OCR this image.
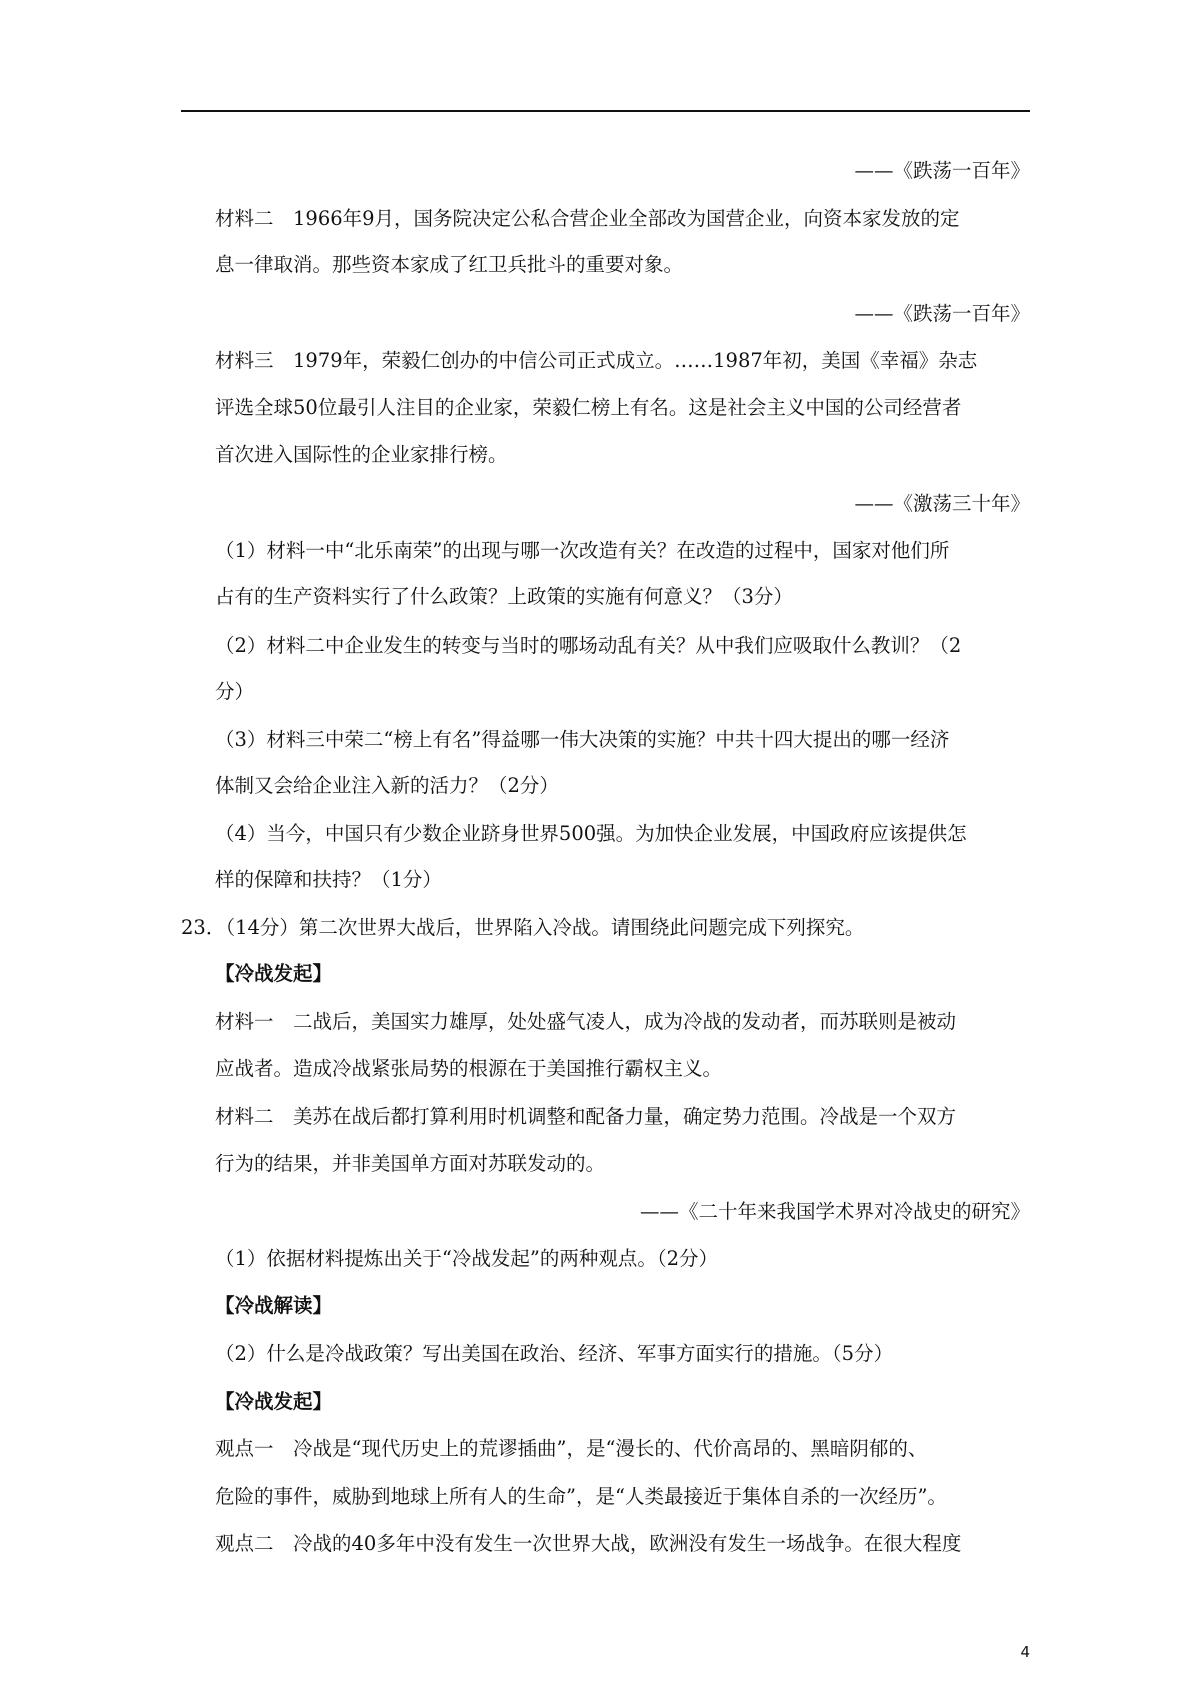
——《跌荡一百年》
材料二　1966年9月，国务院决定公私合营企业全部改为国营企业，向资本家发放的定
息一律取消。那些资本家成了红卫兵批斗的重要对象。
——《跌荡一百年》
材料三　1979年，荣毅仁创办的中信公司正式成立。……1987年初，美国《幸福》杂志
评选全球50位最引人注目的企业家，荣毅仁榜上有名。这是社会主义中国的公司经营者
首次进入国际性的企业家排行榜。
——《激荡三十年》
（1）材料一中“北乐南荣”的出现与哪一次改造有关？在改造的过程中，国家对他们所
占有的生产资料实行了什么政策？上政策的实施有何意义？（3分）
（2）材料二中企业发生的转变与当时的哪场动乱有关？从中我们应吸取什么教训？（2
分）
（3）材料三中荣二“榜上有名”得益哪一伟大决策的实施？中共十四大提出的哪一经济
体制又会给企业注入新的活力？（2分）
（4）当今，中国只有少数企业跻身世界500强。为加快企业发展，中国政府应该提供怎
样的保障和扶持？（1分）
23．（14分）第二次世界大战后，世界陷入冷战。请围绕此问题完成下列探究。
【冷战发起】
材料一　二战后，美国实力雄厚，处处盛气凌人，成为冷战的发动者，而苏联则是被动
应战者。造成冷战紧张局势的根源在于美国推行霸权主义。
材料二　美苏在战后都打算利用时机调整和配备力量，确定势力范围。冷战是一个双方
行为的结果，并非美国单方面对苏联发动的。
——《二十年来我国学术界对冷战史的研究》
（1）依据材料提炼出关于“冷战发起”的两种观点。（2分）
【冷战解读】
（2）什么是冷战政策？写出美国在政治、经济、军事方面实行的措施。（5分）
【冷战发起】
观点一　冷战是“现代历史上的荒谬插曲”，是“漫长的、代价高昂的、黑暗阴郁的、
危险的事件，威胁到地球上所有人的生命”，是“人类最接近于集体自杀的一次经历”。
观点二　冷战的40多年中没有发生一次世界大战，欧洲没有发生一场战争。在很大程度
4
